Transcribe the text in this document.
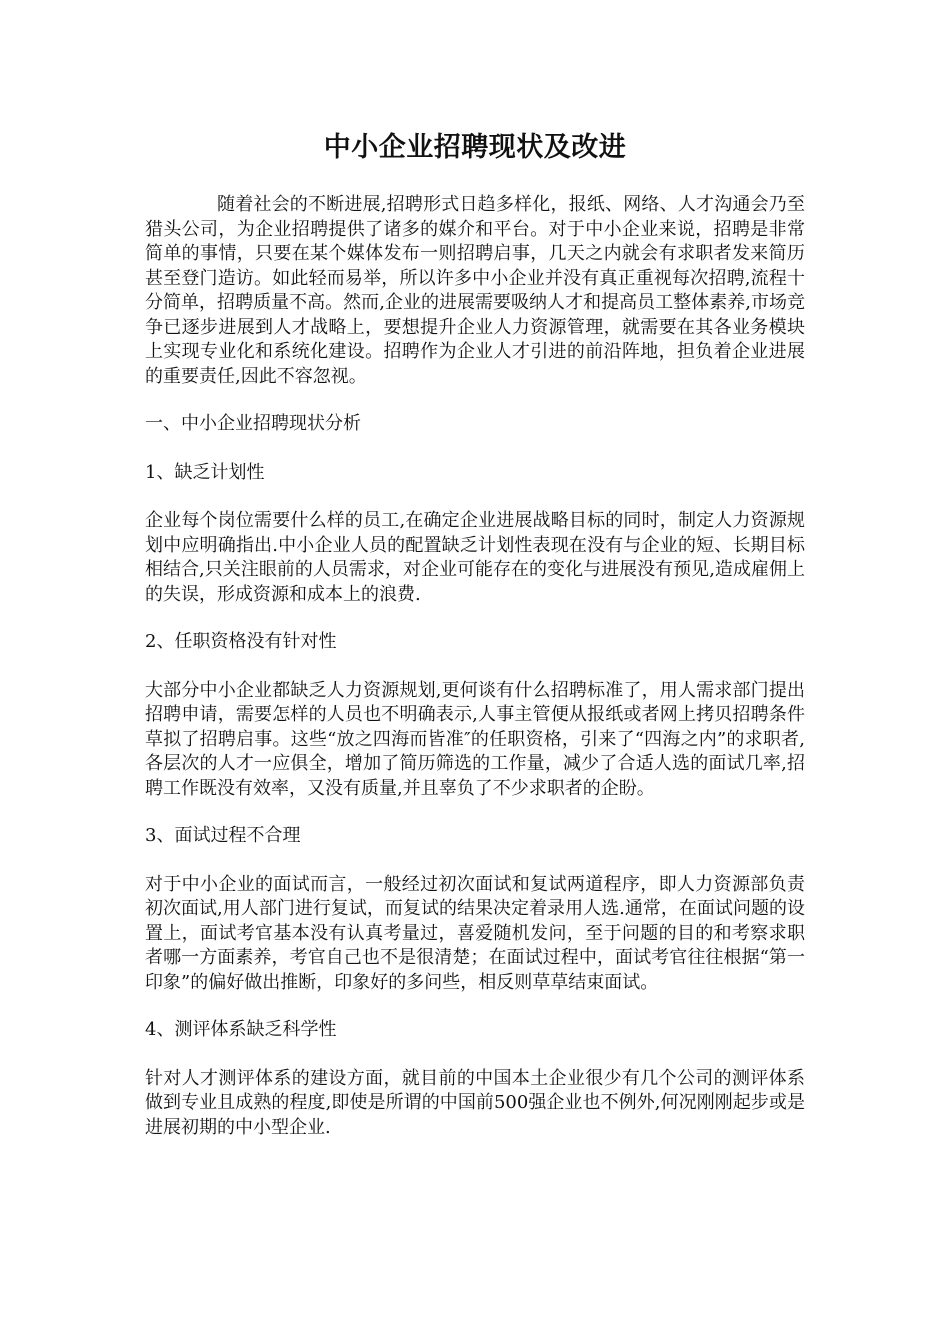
中小企业招聘现状及改进

随着社会的不断进展,招聘形式日趋多样化，报纸、网络、人才沟通会乃至猎头公司，为企业招聘提供了诸多的媒介和平台。对于中小企业来说，招聘是非常简单的事情，只要在某个媒体发布一则招聘启事，几天之内就会有求职者发来简历甚至登门造访。如此轻而易举，所以许多中小企业并没有真正重视每次招聘,流程十分简单，招聘质量不高。然而,企业的进展需要吸纳人才和提高员工整体素养,市场竞争已逐步进展到人才战略上，要想提升企业人力资源管理，就需要在其各业务模块上实现专业化和系统化建设。招聘作为企业人才引进的前沿阵地，担负着企业进展的重要责任,因此不容忽视。

一、中小企业招聘现状分析

1、缺乏计划性

企业每个岗位需要什么样的员工,在确定企业进展战略目标的同时，制定人力资源规划中应明确指出.中小企业人员的配置缺乏计划性表现在没有与企业的短、长期目标相结合,只关注眼前的人员需求，对企业可能存在的变化与进展没有预见,造成雇佣上的失误，形成资源和成本上的浪费.

2、任职资格没有针对性

大部分中小企业都缺乏人力资源规划,更何谈有什么招聘标准了，用人需求部门提出招聘申请，需要怎样的人员也不明确表示,人事主管便从报纸或者网上拷贝招聘条件草拟了招聘启事。这些“放之四海而皆准″的任职资格，引来了“四海之内”的求职者,各层次的人才一应俱全，增加了简历筛选的工作量，减少了合适人选的面试几率,招聘工作既没有效率，又没有质量,并且辜负了不少求职者的企盼。

3、面试过程不合理

对于中小企业的面试而言，一般经过初次面试和复试两道程序，即人力资源部负责初次面试,用人部门进行复试，而复试的结果决定着录用人选.通常，在面试问题的设置上，面试考官基本没有认真考量过，喜爱随机发问，至于问题的目的和考察求职者哪一方面素养，考官自己也不是很清楚；在面试过程中，面试考官往往根据“第一印象”的偏好做出推断，印象好的多问些，相反则草草结束面试。

4、测评体系缺乏科学性

针对人才测评体系的建设方面，就目前的中国本土企业很少有几个公司的测评体系做到专业且成熟的程度,即使是所谓的中国前500强企业也不例外,何况刚刚起步或是进展初期的中小型企业.
